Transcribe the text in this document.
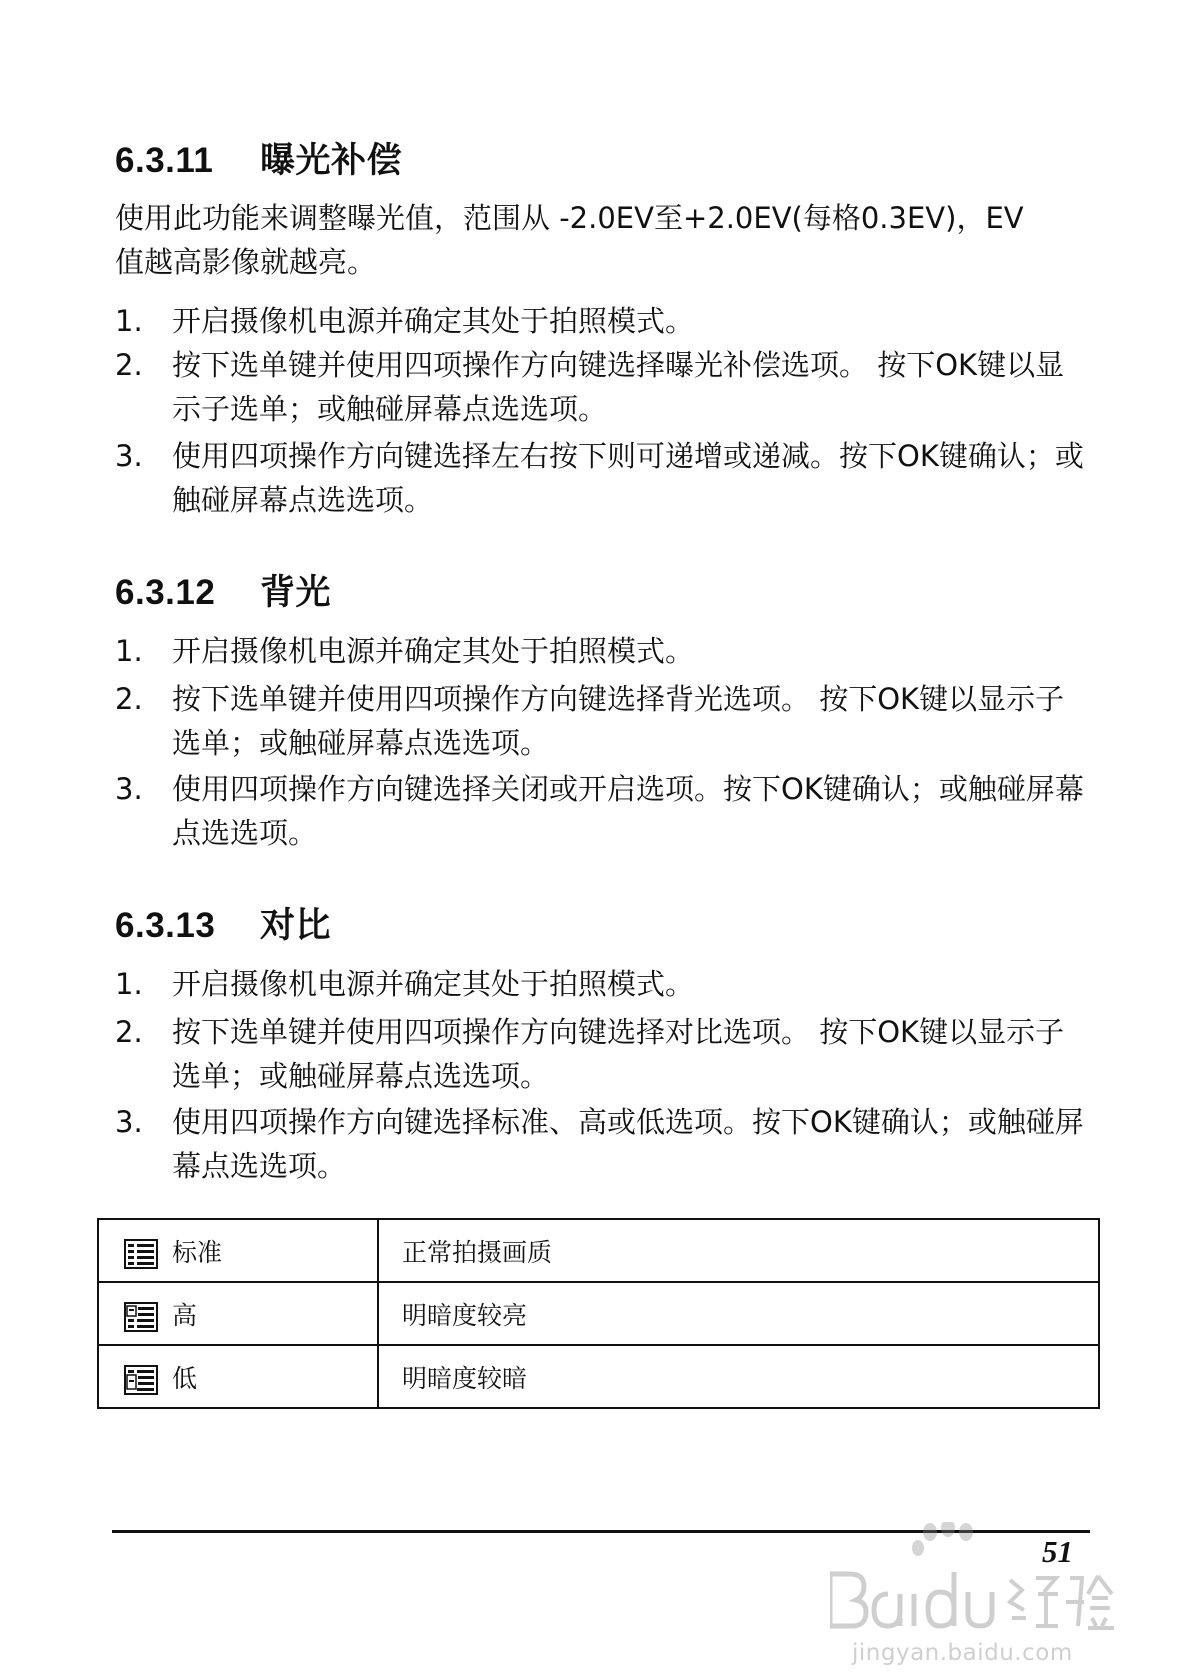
6.3.11 曝光补偿

使用此功能来调整曝光值，范围从 -2.0EV至+2.0EV(每格0.3EV)，EV

值越高影像就越亮。

1. 开启摄像机电源并确定其处于拍照模式。
2. 按下选单键并使用四项操作方向键选择曝光补偿选项。 按下OK键以显示子选单；或触碰屏幕点选选项。
3. 使用四项操作方向键选择左右按下则可递增或递减。按下OK键确认；或触碰屏幕点选选项。
6.3.12 背光
1. 开启摄像机电源并确定其处于拍照模式。
2. 按下选单键并使用四项操作方向键选择背光选项。 按下OK键以显示子选单；或触碰屏幕点选选项。
3. 使用四项操作方向键选择关闭或开启选项。按下OK键确认；或触碰屏幕点选选项。
6.3.13 对比
1. 开启摄像机电源并确定其处于拍照模式。
2. 按下选单键并使用四项操作方向键选择对比选项。 按下OK键以显示子选单；或触碰屏幕点选选项。
3. 使用四项操作方向键选择标准、高或低选项。按下OK键确认；或触碰屏幕点选选项。
标准	正常拍摄画质

高	明暗度较亮

低	明暗度较暗
jingyan.baidu.com
51
